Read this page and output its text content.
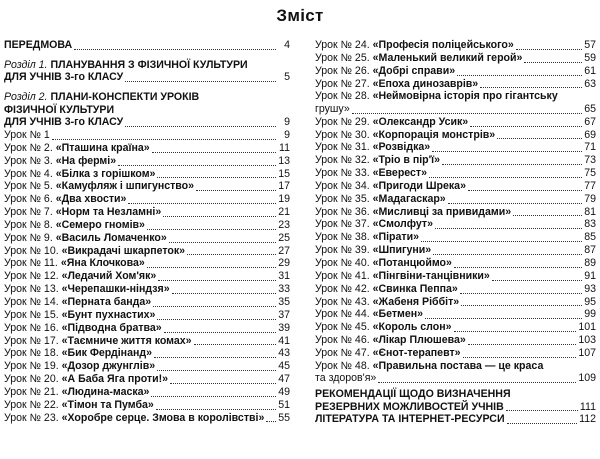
Зміст
ПЕРЕДМОВА	4
Розділ 1. ПЛАНУВАННЯ З ФІЗИЧНОЇ КУЛЬТУРИ
ДЛЯ УЧНІВ 3-го КЛАСУ	5
Розділ 2. ПЛАНИ-КОНСПЕКТИ УРОКІВ
ФІЗИЧНОЇ КУЛЬТУРИ
ДЛЯ УЧНІВ 3-го КЛАСУ	9
Урок № 1	9
Урок № 2. «Пташина країна»	11
Урок № 3. «На фермі»	13
Урок № 4. «Білка з горішком»	15
Урок № 5. «Камуфляж і шпигунство»	17
Урок № 6. «Два хвости»	19
Урок № 7. «Норм та Незламні»	21
Урок № 8. «Семеро гномів»	23
Урок № 9. «Василь Ломаченко»	25
Урок № 10. «Викрадачі шкарпеток»	27
Урок № 11. «Яна Клочкова»	29
Урок № 12. «Ледачий Хом'як»	31
Урок № 13. «Черепашки-ніндзя»	33
Урок № 14. «Перната банда»	35
Урок № 15. «Бунт пухнастих»	37
Урок № 16. «Підводна братва»	39
Урок № 17. «Таємниче життя комах»	41
Урок № 18. «Бик Фердінанд»	43
Урок № 19. «Дозор джунглів»	45
Урок № 20. «А Баба Яга проти!»	47
Урок № 21. «Людина-маска»	49
Урок № 22. «Тімон та Пумба»	51
Урок № 23. «Хоробре серце. Змова в королівстві» 55
Урок № 24. «Професія поліцейського»	57
Урок № 25. «Маленький великий герой»	59
Урок № 26. «Добрі справи»	61
Урок № 27. «Епоха динозаврів»	63
Урок № 28. «Неймовірна історія про гігантську
грушу»	65
Урок № 29. «Олександр Усик»	67
Урок № 30. «Корпорація монстрів»	69
Урок № 31. «Розвідка»	71
Урок № 32. «Тріо в пір'ї»	73
Урок № 33. «Еверест»	75
Урок № 34. «Пригоди Шрека»	77
Урок № 35. «Мадагаскар»	79
Урок № 36. «Мисливці за привидами»	81
Урок № 37. «Смолфут»	83
Урок № 38. «Пірати»	85
Урок № 39. «Шпигуни»	87
Урок № 40. «Потанцюймо»	89
Урок № 41. «Пінгвіни-танцівники»	91
Урок № 42. «Свинка Пеппа»	93
Урок № 43. «Жабеня Ріббіт»	95
Урок № 44. «Бетмен»	99
Урок № 45. «Король слон»	101
Урок № 46. «Лікар Плюшева»	103
Урок № 47. «Єнот-терапевт»	107
Урок № 48. «Правильна постава — це краса
та здоров'я»	109
РЕКОМЕНДАЦІЇ ЩОДО ВИЗНАЧЕННЯ
РЕЗЕРВНИХ МОЖЛИВОСТЕЙ УЧНІВ	111
ЛІТЕРАТУРА ТА ІНТЕРНЕТ-РЕСУРСИ	112
